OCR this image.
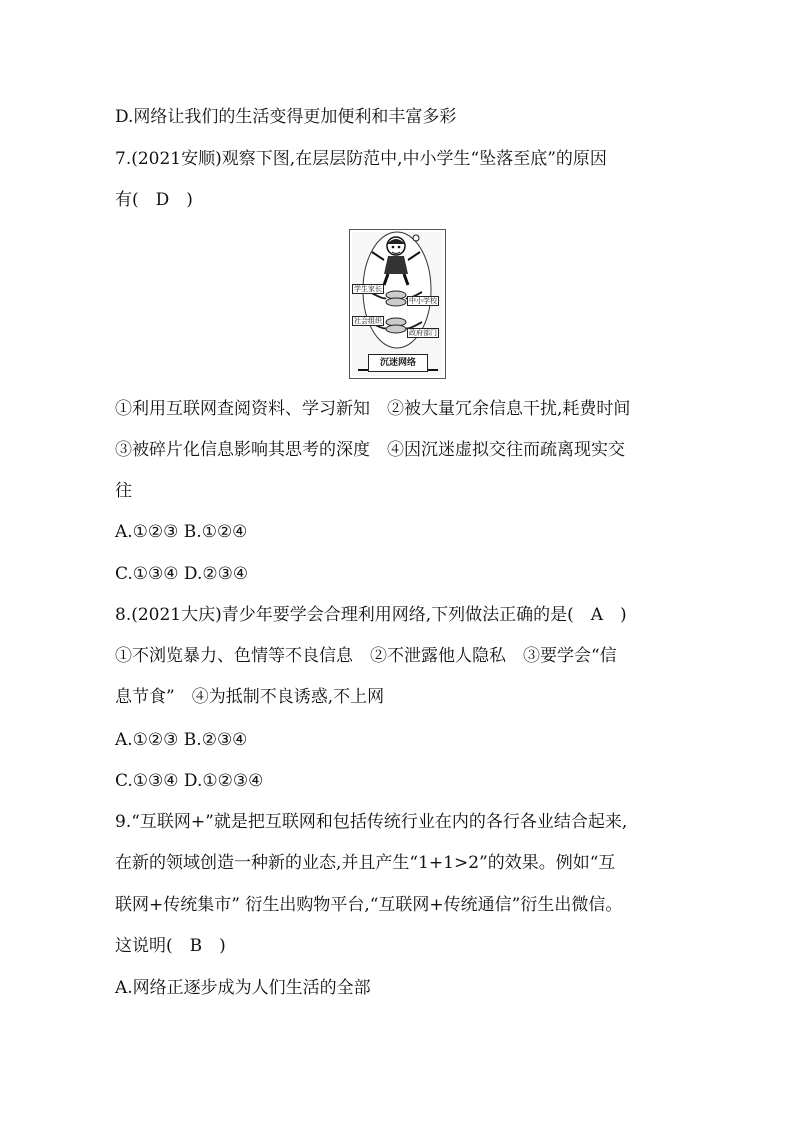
D.网络让我们的生活变得更加便利和丰富多彩
7.(2021安顺)观察下图,在层层防范中,中小学生“坠落至底”的原因
有(　D　)
学生家长
中小学校
社会组织
政府部门
沉迷网络
①利用互联网查阅资料、学习新知　②被大量冗余信息干扰,耗费时间
③被碎片化信息影响其思考的深度　④因沉迷虚拟交往而疏离现实交
往
A.①②③ B.①②④
C.①③④ D.②③④
8.(2021大庆)青少年要学会合理利用网络,下列做法正确的是(　A　)
①不浏览暴力、色情等不良信息　②不泄露他人隐私　③要学会“信
息节食”　④为抵制不良诱惑,不上网
A.①②③ B.②③④
C.①③④ D.①②③④
9.“互联网+”就是把互联网和包括传统行业在内的各行各业结合起来,
在新的领域创造一种新的业态,并且产生“1+1>2”的效果。例如“互
联网+传统集市” 衍生出购物平台,“互联网+传统通信”衍生出微信。
这说明(　B　)
A.网络正逐步成为人们生活的全部
